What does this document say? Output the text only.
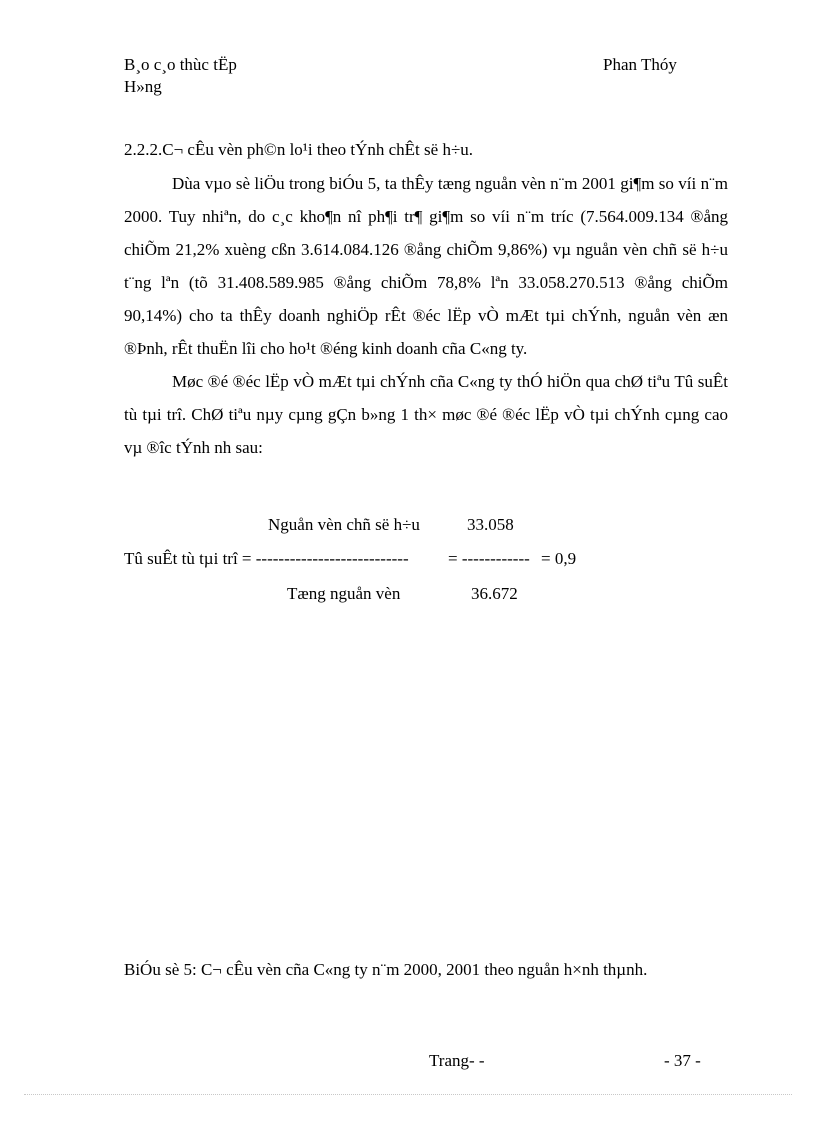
B¸o c¸o thùc tËp
H»ng
Phan Thóy
2.2.2.C¬ cÊu vèn ph©n lo¹i theo tÝnh chÊt së h÷u.

Dùa vµo sè liÖu trong biÓu 5, ta thÊy tæng nguån vèn n¨m 2001 gi¶m so víi n¨m 2000. Tuy nhiªn, do c¸c kho¶n nî ph¶i tr¶ gi¶m so víi n¨m tríc (7.564.009.134 ®ång chiÕm 21,2% xuèng cßn 3.614.084.126 ®ång chiÕm 9,86%) vµ nguån vèn chñ së h÷u t¨ng lªn (tõ 31.408.589.985 ®ång chiÕm 78,8% lªn 33.058.270.513 ®ång chiÕm 90,14%) cho ta thÊy doanh nghiÖp rÊt ®éc lËp vÒ mÆt tµi chÝnh, nguån vèn æn ®Þnh, rÊt thuËn lîi cho ho¹t ®éng kinh doanh cña C«ng ty.

Møc ®é ®éc lËp vÒ mÆt tµi chÝnh cña C«ng ty thÓ hiÖn qua chØ tiªu Tû suÊt tù tµi trî. ChØ tiªu nµy cµng gÇn b»ng 1 th× møc ®é ®éc lËp vÒ tµi chÝnh cµng cao vµ ®îc tÝnh nh sau:

Nguån vèn chñ së h÷u	33.058
Tû suÊt tù tµi trî = --------------------------- = ------------ = 0,9
Tæng nguån vèn	36.672
BiÓu sè 5: C¬ cÊu vèn cña C«ng ty n¨m 2000, 2001 theo nguån h×nh thµnh.
Trang- -	- 37 -
